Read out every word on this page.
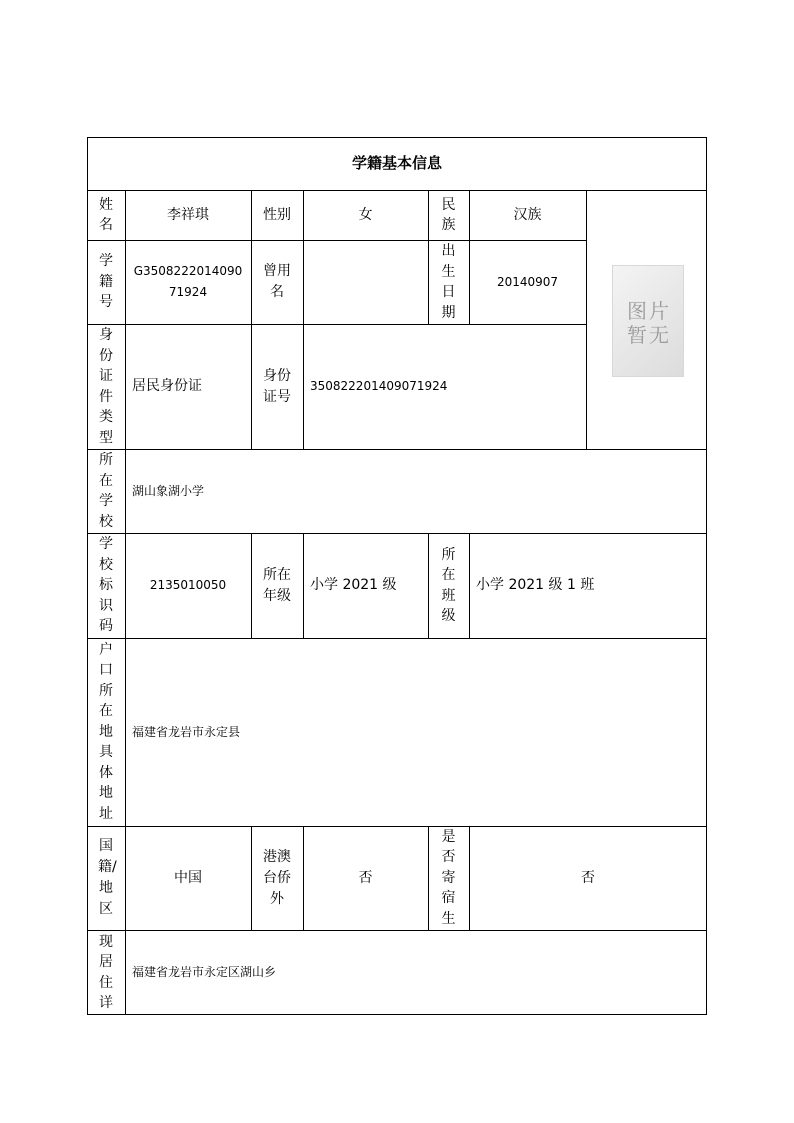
学籍基本信息
姓名
李祥琪	性别	女
民族
汉族
学籍号
G350822201409071924
曾用名
出生日期
20140907
图 片
暂 无
身份证件类型
居民身份证
身份证号
350822201409071924
所在学校
湖山象湖小学
学校标识码
2135010050
所在年级
小学 2021 级
所在班级
小学 2021 级 1 班
户口所在地具体地址
福建省龙岩市永定县
国籍/地区
中国
港澳台侨外
否
是否寄宿生
否
现居住详
福建省龙岩市永定区湖山乡
